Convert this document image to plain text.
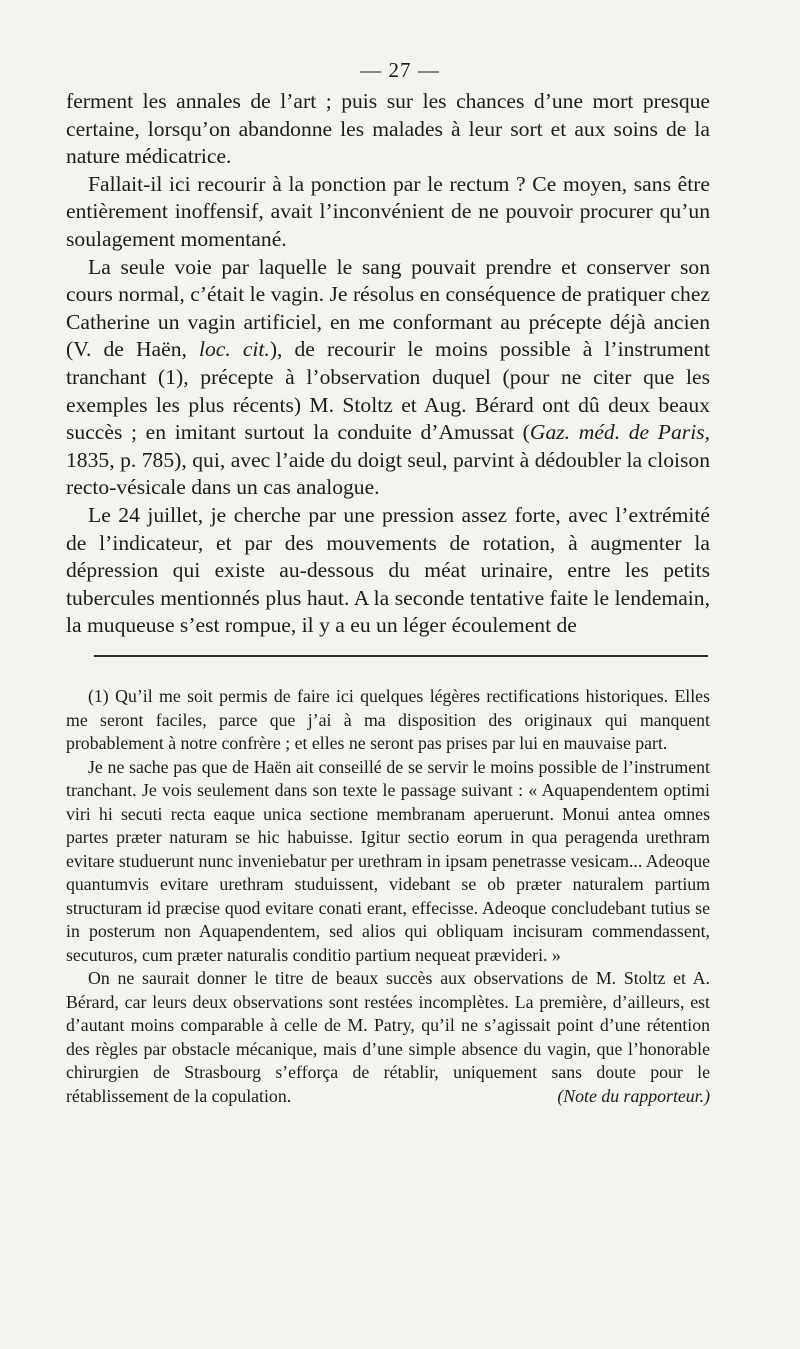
— 27 —

ferment les annales de l’art ; puis sur les chances d’une mort presque certaine, lorsqu’on abandonne les malades à leur sort et aux soins de la nature médicatrice.

Fallait-il ici recourir à la ponction par le rectum ? Ce moyen, sans être entièrement inoffensif, avait l’inconvénient de ne pouvoir procurer qu’un soulagement momentané.

La seule voie par laquelle le sang pouvait prendre et conserver son cours normal, c’était le vagin. Je résolus en conséquence de pratiquer chez Catherine un vagin artificiel, en me conformant au précepte déjà ancien (V. de Haën, loc. cit.), de recourir le moins possible à l’instrument tranchant (1), précepte à l’observation duquel (pour ne citer que les exemples les plus récents) M. Stoltz et Aug. Bérard ont dû deux beaux succès ; en imitant surtout la conduite d’Amussat (Gaz. méd. de Paris, 1835, p. 785), qui, avec l’aide du doigt seul, parvint à dédoubler la cloison recto-vésicale dans un cas analogue.

Le 24 juillet, je cherche par une pression assez forte, avec l’extrémité de l’indicateur, et par des mouvements de rotation, à augmenter la dépression qui existe au-dessous du méat urinaire, entre les petits tubercules mentionnés plus haut. A la seconde tentative faite le lendemain, la muqueuse s’est rompue, il y a eu un léger écoulement de

(1) Qu’il me soit permis de faire ici quelques légères rectifications historiques. Elles me seront faciles, parce que j’ai à ma disposition des originaux qui manquent probablement à notre confrère ; et elles ne seront pas prises par lui en mauvaise part.

Je ne sache pas que de Haën ait conseillé de se servir le moins possible de l’instrument tranchant. Je vois seulement dans son texte le passage suivant : « Aquapendentem optimi viri hi secuti recta eaque unica sectione membranam aperuerunt. Monui antea omnes partes præter naturam se hic habuisse. Igitur sectio eorum in qua peragenda urethram evitare studuerunt nunc inveniebatur per urethram in ipsam penetrasse vesicam... Adeoque quantumvis evitare urethram studuissent, videbant se ob præter naturalem partium structuram id præcise quod evitare conati erant, effecisse. Adeoque concludebant tutius se in posterum non Aquapendentem, sed alios qui obliquam incisuram commendassent, secuturos, cum præter naturalis conditio partium nequeat prævideri. »

On ne saurait donner le titre de beaux succès aux observations de M. Stoltz et A. Bérard, car leurs deux observations sont restées incomplètes. La première, d’ailleurs, est d’autant moins comparable à celle de M. Patry, qu’il ne s’agissait point d’une rétention des règles par obstacle mécanique, mais d’une simple absence du vagin, que l’honorable chirurgien de Strasbourg s’efforça de rétablir, uniquement sans doute pour le rétablissement de la copulation.	(Note du rapporteur.)
